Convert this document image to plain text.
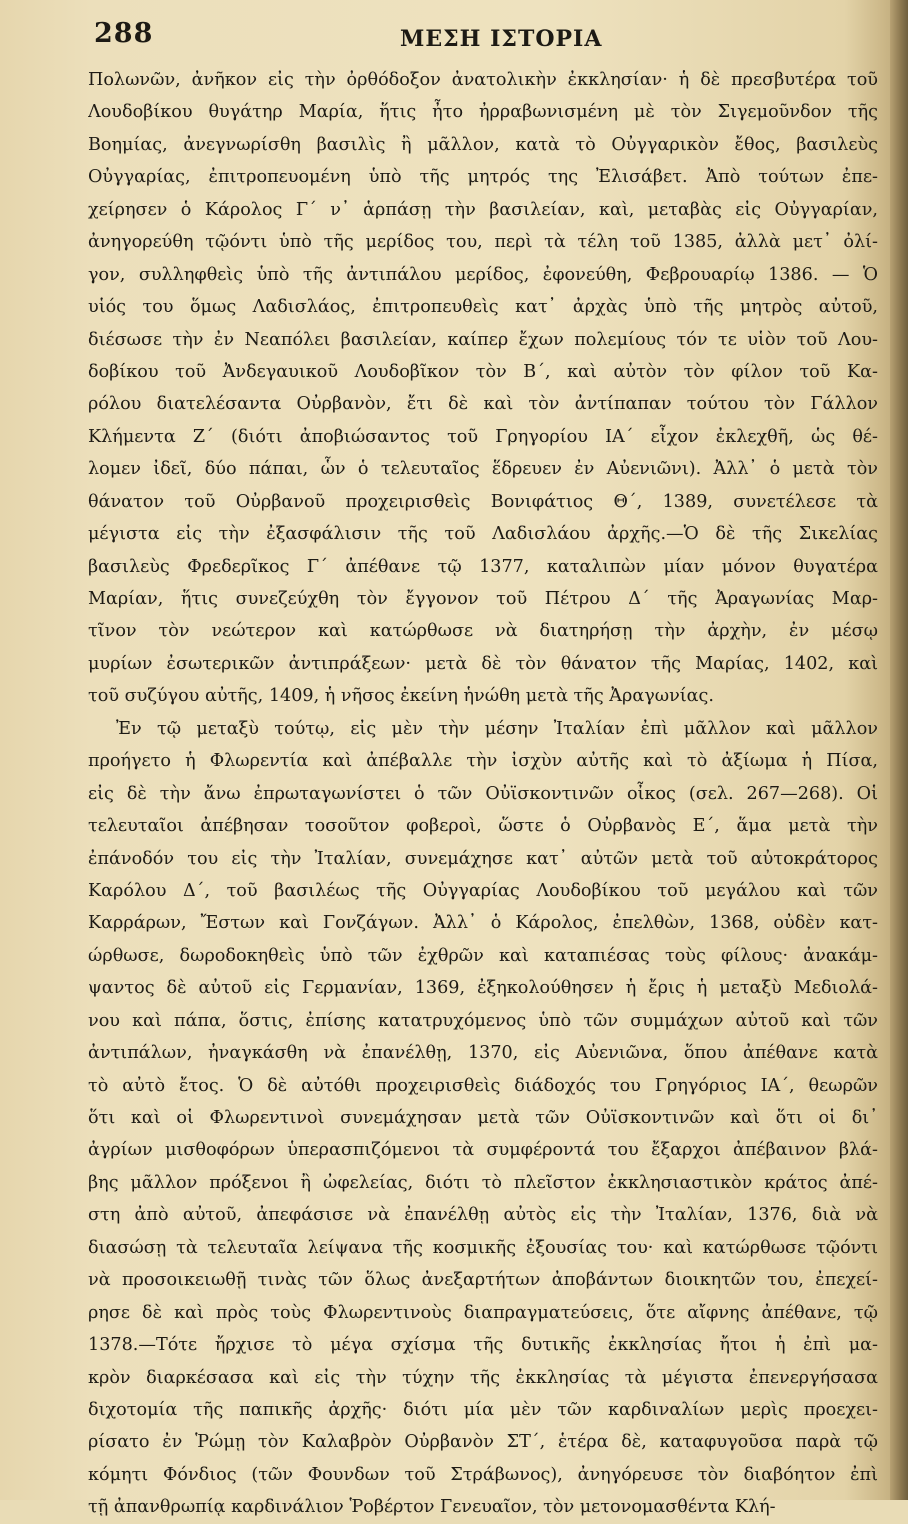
288	ΜΕΣΗ ΙΣΤΟΡΙΑ
Πολωνῶν, ἀνῆκον εἰς τὴν ὀρθόδοξον ἀνατολικὴν ἐκκλησίαν· ἡ δὲ πρεσβυτέρα τοῦ
Λουδοβίκου θυγάτηρ Μαρία, ἥτις ἦτο ἠρραβωνισμένη μὲ τὸν Σιγεμοῦνδον τῆς
Βοημίας, ἀνεγνωρίσθη βασιλὶς ἢ μᾶλλον, κατὰ τὸ Οὐγγαρικὸν ἔθος, βασιλεὺς
Οὐγγαρίας, ἐπιτροπευομένη ὑπὸ τῆς μητρός της Ἐλισάβετ. Ἀπὸ τούτων ἐπε-
χείρησεν ὁ Κάρολος Γ΄ ν᾽ ἁρπάσῃ τὴν βασιλείαν, καὶ, μεταβὰς εἰς Οὐγγαρίαν,
ἀνηγορεύθη τῷόντι ὑπὸ τῆς μερίδος του, περὶ τὰ τέλη τοῦ 1385, ἀλλὰ μετ᾽ ὀλί-
γον, συλληφθεὶς ὑπὸ τῆς ἀντιπάλου μερίδος, ἐφονεύθη, Φεβρουαρίῳ 1386. — Ὁ
υἱός του ὅμως Λαδισλάος, ἐπιτροπευθεὶς κατ᾽ ἀρχὰς ὑπὸ τῆς μητρὸς αὐτοῦ,
διέσωσε τὴν ἐν Νεαπόλει βασιλείαν, καίπερ ἔχων πολεμίους τόν τε υἱὸν τοῦ Λου-
δοβίκου τοῦ Ἀνδεγαυικοῦ Λουδοβῖκον τὸν Β΄, καὶ αὐτὸν τὸν φίλον τοῦ Κα-
ρόλου διατελέσαντα Οὐρβανὸν, ἔτι δὲ καὶ τὸν ἀντίπαπαν τούτου τὸν Γάλλον
Κλήμεντα Ζ΄ (διότι ἀποβιώσαντος τοῦ Γρηγορίου ΙΑ΄ εἶχον ἐκλεχθῆ, ὡς θέ-
λομεν ἰδεῖ, δύο πάπαι, ὧν ὁ τελευταῖος ἕδρευεν ἐν Αὐενιῶνι). Ἀλλ᾽ ὁ μετὰ τὸν
θάνατον τοῦ Οὐρβανοῦ προχειρισθεὶς Βονιφάτιος Θ΄, 1389, συνετέλεσε τὰ
μέγιστα εἰς τὴν ἐξασφάλισιν τῆς τοῦ Λαδισλάου ἀρχῆς.—Ὁ δὲ τῆς Σικελίας
βασιλεὺς Φρεδερῖκος Γ΄ ἀπέθανε τῷ 1377, καταλιπὼν μίαν μόνον θυγατέρα
Μαρίαν, ἥτις συνεζεύχθη τὸν ἔγγονον τοῦ Πέτρου Δ΄ τῆς Ἀραγωνίας Μαρ-
τῖνον τὸν νεώτερον καὶ κατώρθωσε νὰ διατηρήσῃ τὴν ἀρχὴν, ἐν μέσῳ
μυρίων ἐσωτερικῶν ἀντιπράξεων· μετὰ δὲ τὸν θάνατον τῆς Μαρίας, 1402, καὶ
τοῦ συζύγου αὐτῆς, 1409, ἡ νῆσος ἐκείνη ἡνώθη μετὰ τῆς Ἀραγωνίας.
Ἐν τῷ μεταξὺ τούτῳ, εἰς μὲν τὴν μέσην Ἰταλίαν ἐπὶ μᾶλλον καὶ μᾶλλον
προήγετο ἡ Φλωρεντία καὶ ἀπέβαλλε τὴν ἰσχὺν αὐτῆς καὶ τὸ ἀξίωμα ἡ Πίσα,
εἰς δὲ τὴν ἄνω ἐπρωταγωνίστει ὁ τῶν Οὐϊσκοντινῶν οἶκος (σελ. 267—268). Οἱ
τελευταῖοι ἀπέβησαν τοσοῦτον φοβεροὶ, ὥστε ὁ Οὐρβανὸς Ε΄, ἅμα μετὰ τὴν
ἐπάνοδόν του εἰς τὴν Ἰταλίαν, συνεμάχησε κατ᾽ αὐτῶν μετὰ τοῦ αὐτοκράτορος
Καρόλου Δ΄, τοῦ βασιλέως τῆς Οὐγγαρίας Λουδοβίκου τοῦ μεγάλου καὶ τῶν
Καρράρων, Ἔστων καὶ Γονζάγων. Ἀλλ᾽ ὁ Κάρολος, ἐπελθὼν, 1368, οὐδὲν κατ-
ώρθωσε, δωροδοκηθεὶς ὑπὸ τῶν ἐχθρῶν καὶ καταπιέσας τοὺς φίλους· ἀνακάμ-
ψαντος δὲ αὐτοῦ εἰς Γερμανίαν, 1369, ἐξηκολούθησεν ἡ ἔρις ἡ μεταξὺ Μεδιολά-
νου καὶ πάπα, ὅστις, ἐπίσης κατατρυχόμενος ὑπὸ τῶν συμμάχων αὐτοῦ καὶ τῶν
ἀντιπάλων, ἠναγκάσθη νὰ ἐπανέλθῃ, 1370, εἰς Αὐενιῶνα, ὅπου ἀπέθανε κατὰ
τὸ αὐτὸ ἔτος. Ὁ δὲ αὐτόθι προχειρισθεὶς διάδοχός του Γρηγόριος ΙΑ΄, θεωρῶν
ὅτι καὶ οἱ Φλωρεντινοὶ συνεμάχησαν μετὰ τῶν Οὐϊσκοντινῶν καὶ ὅτι οἱ δι᾽
ἀγρίων μισθοφόρων ὑπερασπιζόμενοι τὰ συμφέροντά του ἔξαρχοι ἀπέβαινον βλά-
βης μᾶλλον πρόξενοι ἢ ὠφελείας, διότι τὸ πλεῖστον ἐκκλησιαστικὸν κράτος ἀπέ-
στη ἀπὸ αὐτοῦ, ἀπεφάσισε νὰ ἐπανέλθῃ αὐτὸς εἰς τὴν Ἰταλίαν, 1376, διὰ νὰ
διασώσῃ τὰ τελευταῖα λείψανα τῆς κοσμικῆς ἐξουσίας του· καὶ κατώρθωσε τῷόντι
νὰ προσοικειωθῇ τινὰς τῶν ὅλως ἀνεξαρτήτων ἀποβάντων διοικητῶν του, ἐπεχεί-
ρησε δὲ καὶ πρὸς τοὺς Φλωρεντινοὺς διαπραγματεύσεις, ὅτε αἴφνης ἀπέθανε, τῷ
1378.—Τότε ἤρχισε τὸ μέγα σχίσμα τῆς δυτικῆς ἐκκλησίας ἤτοι ἡ ἐπὶ μα-
κρὸν διαρκέσασα καὶ εἰς τὴν τύχην τῆς ἐκκλησίας τὰ μέγιστα ἐπενεργήσασα
διχοτομία τῆς παπικῆς ἀρχῆς· διότι μία μὲν τῶν καρδιναλίων μερὶς προεχει-
ρίσατο ἐν Ῥώμῃ τὸν Καλαβρὸν Οὐρβανὸν ΣΤ΄, ἑτέρα δὲ, καταφυγοῦσα παρὰ τῷ
κόμητι Φόνδιος (τῶν Φουνδων τοῦ Στράβωνος), ἀνηγόρευσε τὸν διαβόητον ἐπὶ
τῇ ἀπανθρωπίᾳ καρδινάλιον Ῥοβέρτον Γενευαῖον, τὸν μετονομασθέντα Κλή-
